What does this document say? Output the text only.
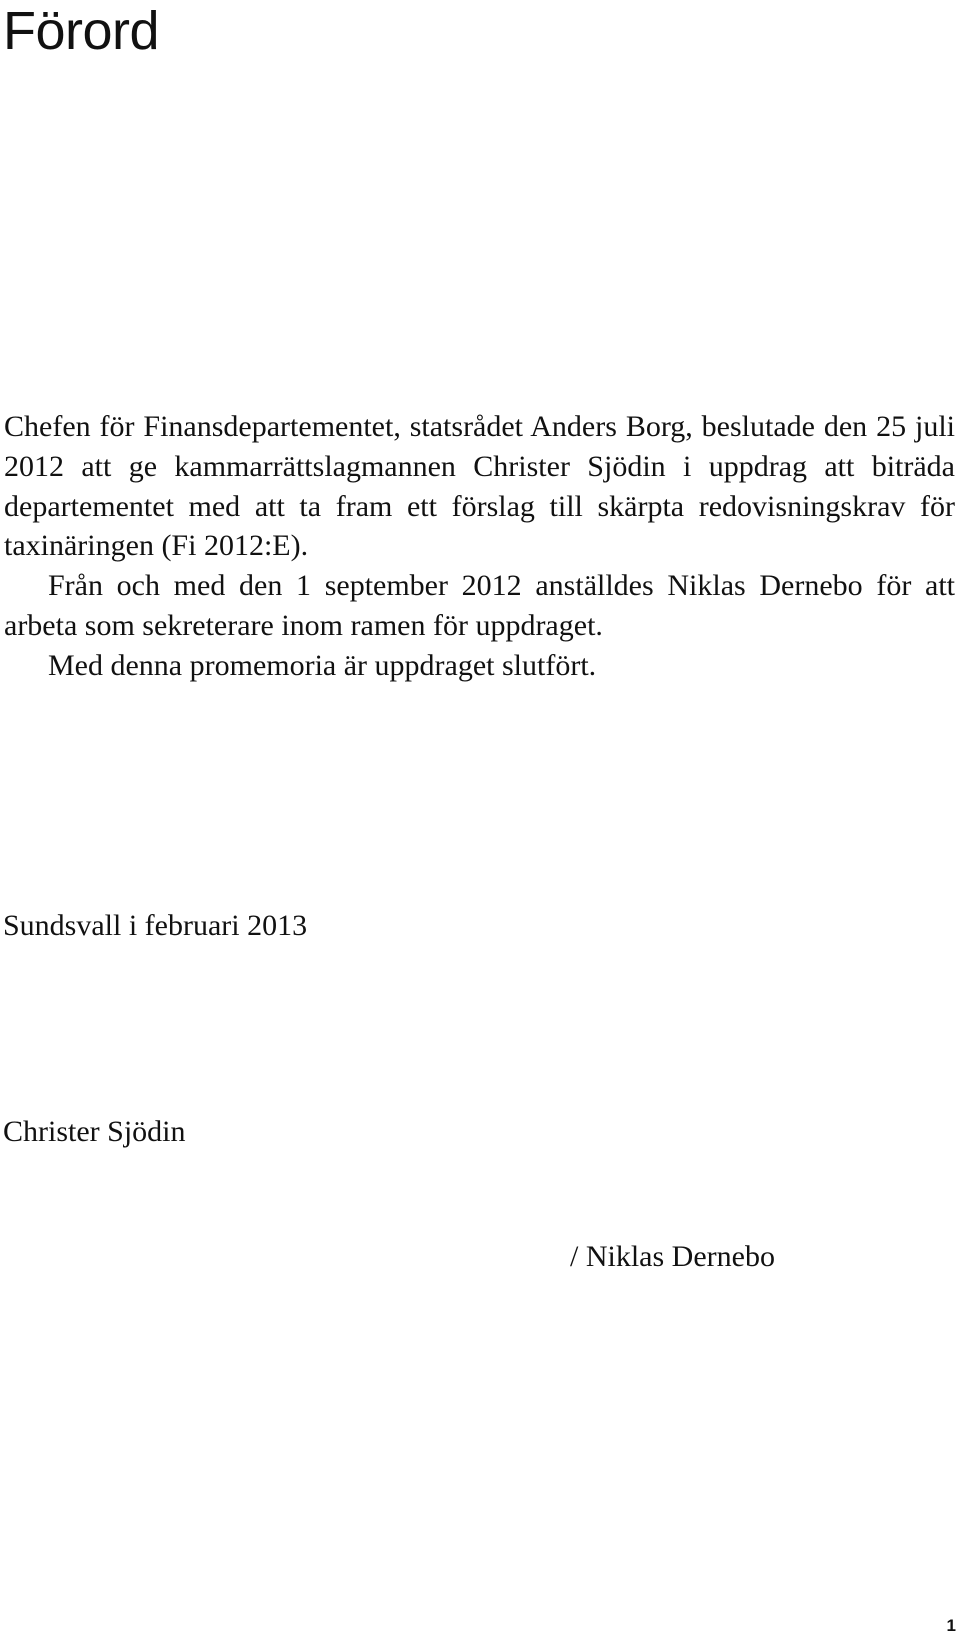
Förord

Chefen för Finansdepartementet, statsrådet Anders Borg, beslutade den 25 juli 2012 att ge kammarrättslagmannen Christer Sjödin i uppdrag att biträda departementet med att ta fram ett förslag till skärpta redovisningskrav för taxinäringen (Fi 2012:E).

Från och med den 1 september 2012 anställdes Niklas Dernebo för att arbeta som sekreterare inom ramen för uppdraget.

Med denna promemoria är uppdraget slutfört.

Sundsvall i februari 2013

Christer Sjödin

/ Niklas Dernebo

1
